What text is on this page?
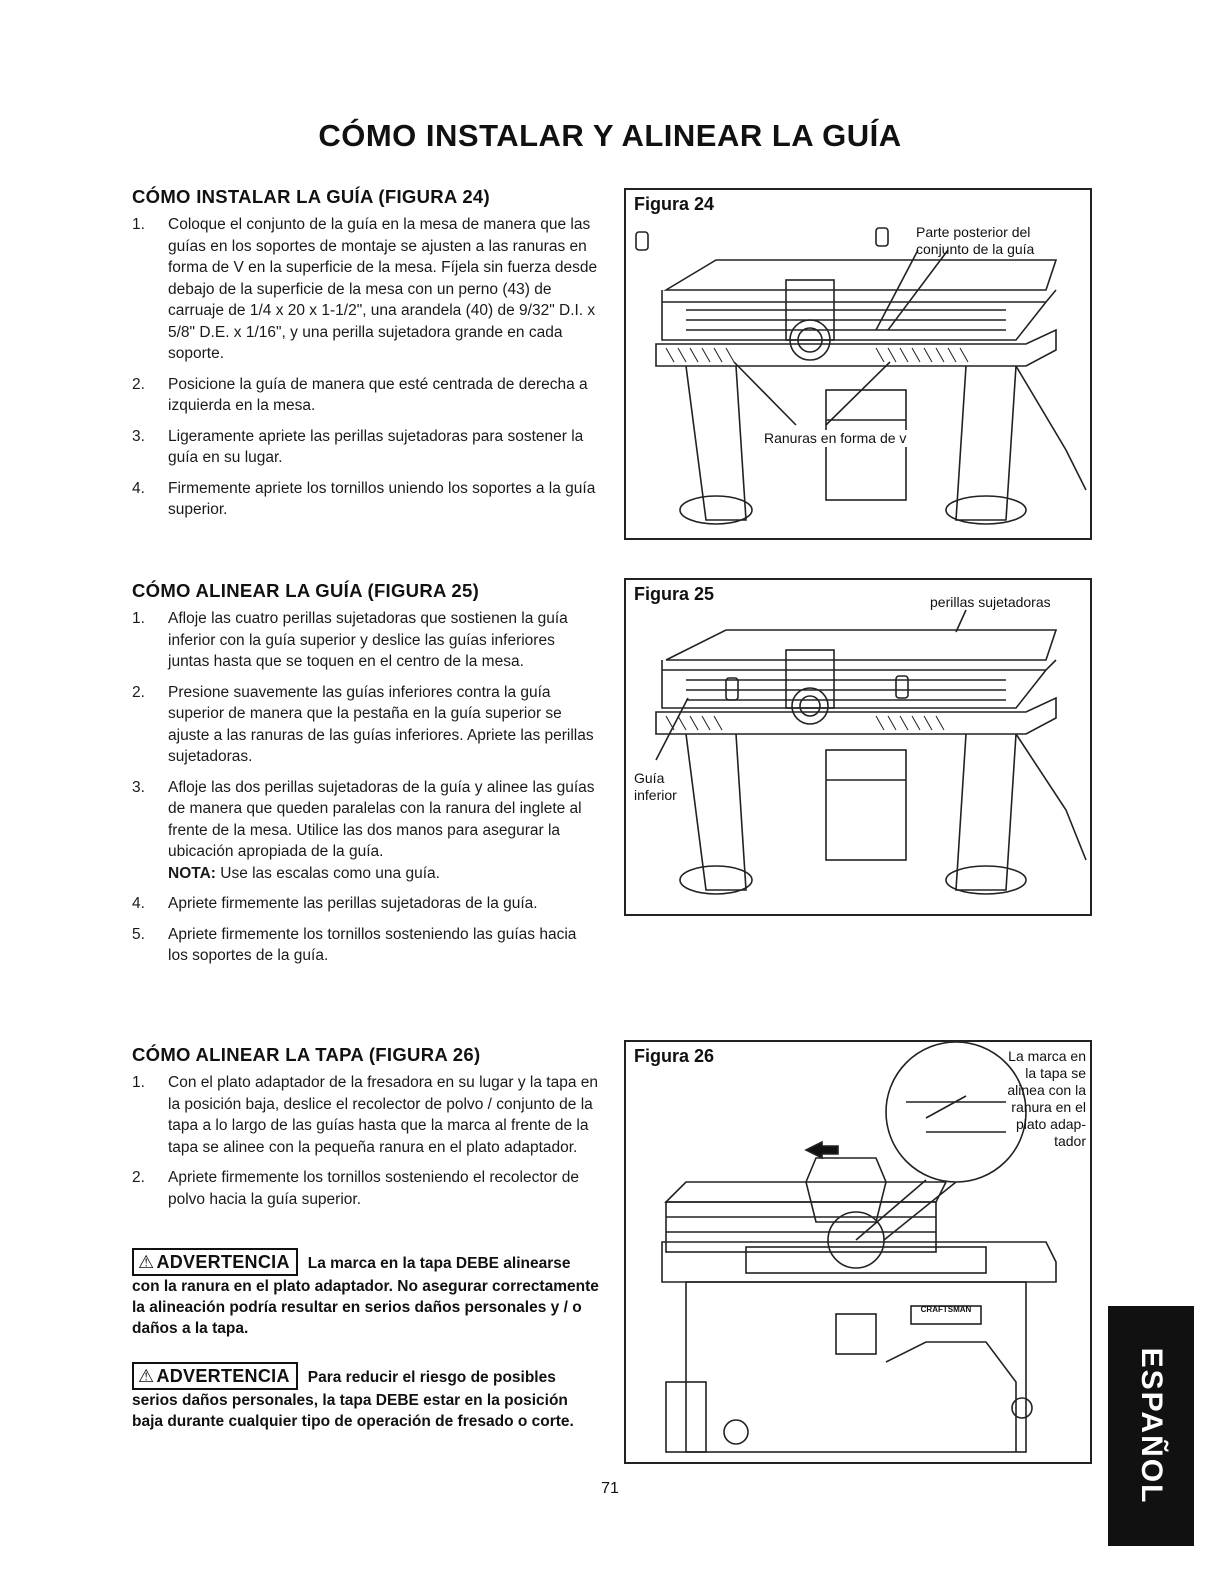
CÓMO INSTALAR Y ALINEAR LA GUÍA
CÓMO INSTALAR LA GUÍA (FIGURA 24)
1. Coloque el conjunto de la guía en la mesa de manera que las guías en los soportes de montaje se ajusten a las ranuras en forma de V en la superficie de la mesa. Fíjela sin fuerza desde debajo de la superficie de la mesa con un perno (43) de carruaje de 1/4 x 20 x 1-1/2", una arandela (40) de 9/32" D.I. x 5/8" D.E. x 1/16", y una perilla sujetadora grande en cada soporte.
2. Posicione la guía de manera que esté centrada de derecha a izquierda en la mesa.
3. Ligeramente apriete las perillas sujetadoras para sostener la guía en su lugar.
4. Firmemente apriete los tornillos uniendo los soportes a la guía superior.
CÓMO ALINEAR LA GUÍA (FIGURA 25)
1. Afloje las cuatro perillas sujetadoras que sostienen la guía inferior con la guía superior y deslice las guías inferiores juntas hasta que se toquen en el centro de la mesa.
2. Presione suavemente las guías inferiores contra la guía superior de manera que la pestaña en la guía superior se ajuste a las ranuras de las guías inferiores. Apriete las perillas sujetadoras.
3. Afloje las dos perillas sujetadoras de la guía y alinee las guías de manera que queden paralelas con la ranura del inglete al frente de la mesa. Utilice las dos manos para asegurar la ubicación apropiada de la guía.
NOTA: Use las escalas como una guía.
4. Apriete firmemente las perillas sujetadoras de la guía.
5. Apriete firmemente los tornillos sosteniendo las guías hacia los soportes de la guía.
CÓMO ALINEAR LA TAPA (FIGURA 26)
1. Con el plato adaptador de la fresadora en su lugar y la tapa en la posición baja, deslice el recolector de polvo / conjunto de la tapa a lo largo de las guías hasta que la marca al frente de la tapa se alinee con la pequeña ranura en el plato adaptador.
2. Apriete firmemente los tornillos sosteniendo el recolector de polvo hacia la guía superior.
⚠ ADVERTENCIA La marca en la tapa DEBE alinearse con la ranura en el plato adaptador. No asegurar correctamente la alineación podría resultar en serios daños personales y / o daños a la tapa.
⚠ ADVERTENCIA Para reducir el riesgo de posibles serios daños personales, la tapa DEBE estar en la posición baja durante cualquier tipo de operación de fresado o corte.
Figura 24
Parte posterior del conjunto de la guía
Ranuras en forma de v
Figura 25	perillas sujetadoras
Guía inferior
Figura 26	La marca en la tapa se alinea con la ranura en el plato adap- tador
CRAFTSMAN
71	ESPAÑOL
